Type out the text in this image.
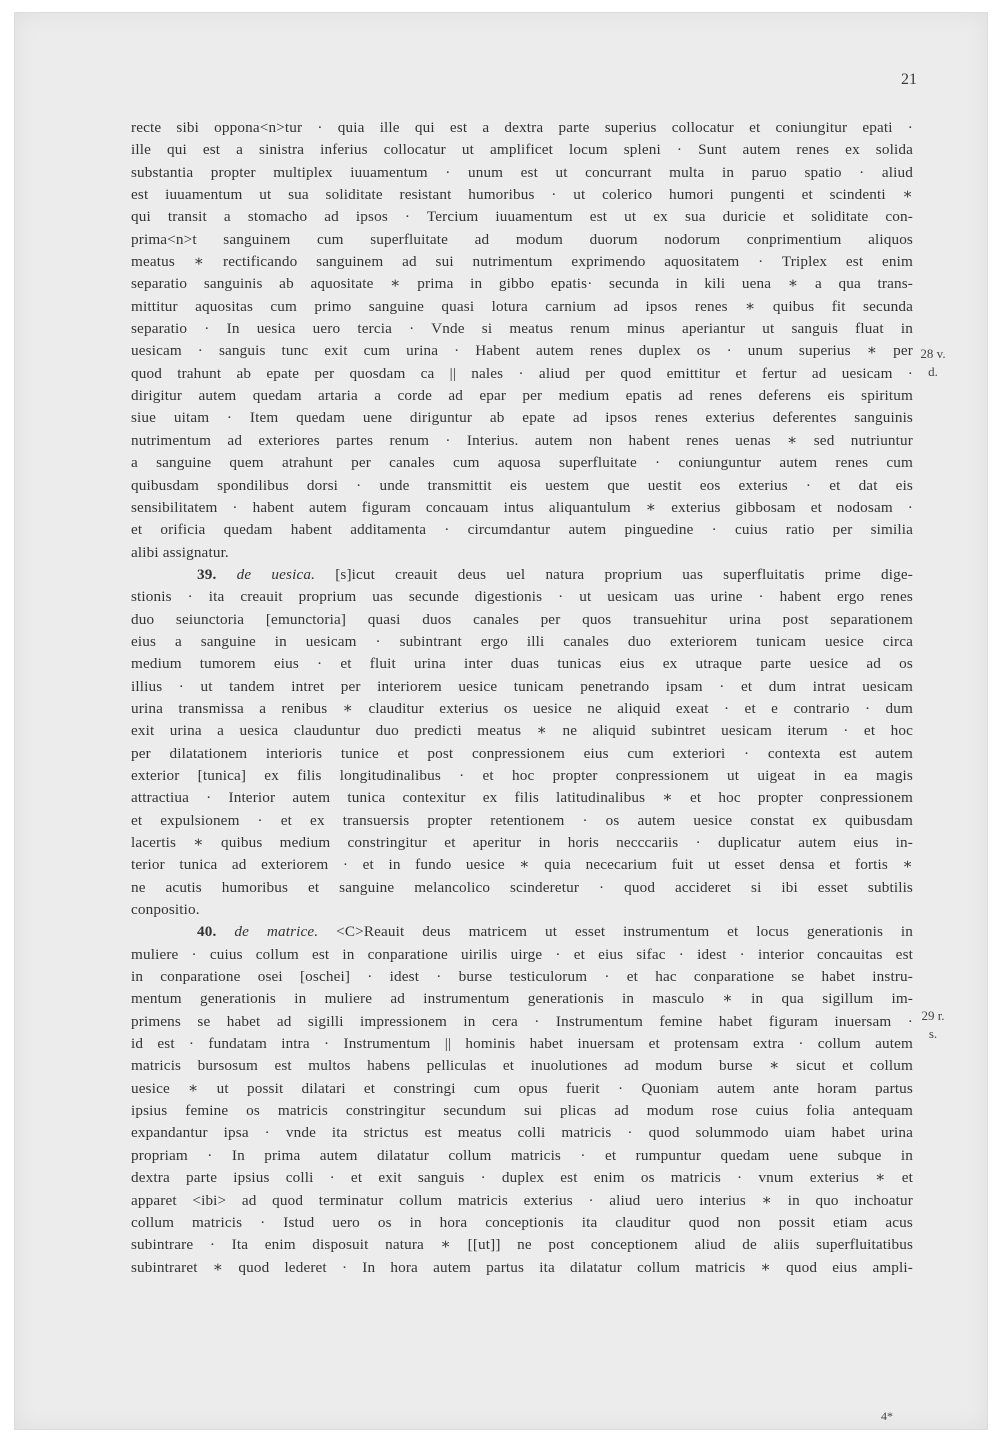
21
recte sibi oppona<n>tur · quia ille qui est a dextra parte superius collocatur et coniungitur epati ·
ille qui est a sinistra inferius collocatur ut amplificet locum spleni · Sunt autem renes ex solida
substantia propter multiplex iuuamentum · unum est ut concurrant multa in paruo spatio · aliud
est iuuamentum ut sua soliditate resistant humoribus · ut colerico humori pungenti et scindenti ∗
qui transit a stomacho ad ipsos · Tercium iuuamentum est ut ex sua duricie et soliditate con-
prima<n>t sanguinem cum superfluitate ad modum duorum nodorum conprimentium aliquos
meatus ∗ rectificando sanguinem ad sui nutrimentum exprimendo aquositatem · Triplex est enim
separatio sanguinis ab aquositate ∗ prima in gibbo epatis· secunda in kili uena ∗ a qua trans-
mittitur aquositas cum primo sanguine quasi lotura carnium ad ipsos renes ∗ quibus fit secunda
separatio · In uesica uero tercia · Vnde si meatus renum minus aperiantur ut sanguis fluat in
uesicam · sanguis tunc exit cum urina · Habent autem renes duplex os · unum superius ∗ per
quod trahunt ab epate per quosdam ca || nales · aliud per quod emittitur et fertur ad uesicam ·
dirigitur autem quedam artaria a corde ad epar per medium epatis ad renes deferens eis spiritum
siue uitam · Item quedam uene diriguntur ab epate ad ipsos renes exterius deferentes sanguinis
nutrimentum ad exteriores partes renum · Interius. autem non habent renes uenas ∗ sed nutriuntur
a sanguine quem atrahunt per canales cum aquosa superfluitate · coniunguntur autem renes cum
quibusdam spondilibus dorsi · unde transmittit eis uestem que uestit eos exterius · et dat eis
sensibilitatem · habent autem figuram concauam intus aliquantulum ∗ exterius gibbosam et nodosam ·
et orificia quedam habent additamenta · circumdantur autem pinguedine · cuius ratio per similia
alibi assignatur.
39. de uesica. [s]icut creauit deus uel natura proprium uas superfluitatis prime dige-
stionis · ita creauit proprium uas secunde digestionis · ut uesicam uas urine · habent ergo renes
duo seiunctoria [emunctoria] quasi duos canales per quos transuehitur urina post separationem
eius a sanguine in uesicam · subintrant ergo illi canales duo exteriorem tunicam uesice circa
medium tumorem eius · et fluit urina inter duas tunicas eius ex utraque parte uesice ad os
illius · ut tandem intret per interiorem uesice tunicam penetrando ipsam · et dum intrat uesicam
urina transmissa a renibus ∗ clauditur exterius os uesice ne aliquid exeat · et e contrario · dum
exit urina a uesica clauduntur duo predicti meatus ∗ ne aliquid subintret uesicam iterum · et hoc
per dilatationem interioris tunice et post conpressionem eius cum exteriori · contexta est autem
exterior [tunica] ex filis longitudinalibus · et hoc propter conpressionem ut uigeat in ea magis
attractiua · Interior autem tunica contexitur ex filis latitudinalibus ∗ et hoc propter conpressionem
et expulsionem · et ex transuersis propter retentionem · os autem uesice constat ex quibusdam
lacertis ∗ quibus medium constringitur et aperitur in horis necccariis · duplicatur autem eius in-
terior tunica ad exteriorem · et in fundo uesice ∗ quia nececarium fuit ut esset densa et fortis ∗
ne acutis humoribus et sanguine melancolico scinderetur · quod accideret si ibi esset subtilis
conpositio.
40. de matrice. <C>Reauit deus matricem ut esset instrumentum et locus generationis in
muliere · cuius collum est in conparatione uirilis uirge · et eius sifac · idest · interior concauitas est
in conparatione osei [oschei] · idest · burse testiculorum · et hac conparatione se habet instru-
mentum generationis in muliere ad instrumentum generationis in masculo ∗ in qua sigillum im-
primens se habet ad sigilli impressionem in cera · Instrumentum femine habet figuram inuersam ·
id est · fundatam intra · Instrumentum || hominis habet inuersam et protensam extra · collum autem
matricis bursosum est multos habens pelliculas et inuolutiones ad modum burse ∗ sicut et collum
uesice ∗ ut possit dilatari et constringi cum opus fuerit · Quoniam autem ante horam partus
ipsius femine os matricis constringitur secundum sui plicas ad modum rose cuius folia antequam
expandantur ipsa · vnde ita strictus est meatus colli matricis · quod solummodo uiam habet urina
propriam · In prima autem dilatatur collum matricis · et rumpuntur quedam uene subque in
dextra parte ipsius colli · et exit sanguis · duplex est enim os matricis · vnum exterius ∗ et
apparet <ibi> ad quod terminatur collum matricis exterius · aliud uero interius ∗ in quo inchoatur
collum matricis · Istud uero os in hora conceptionis ita clauditur quod non possit etiam acus
subintrare · Ita enim disposuit natura ∗ [[ut]] ne post conceptionem aliud de aliis superfluitatibus
subintraret ∗ quod lederet · In hora autem partus ita dilatatur collum matricis ∗ quod eius ampli-
28 v.
d.
29 r.
s.
4*
